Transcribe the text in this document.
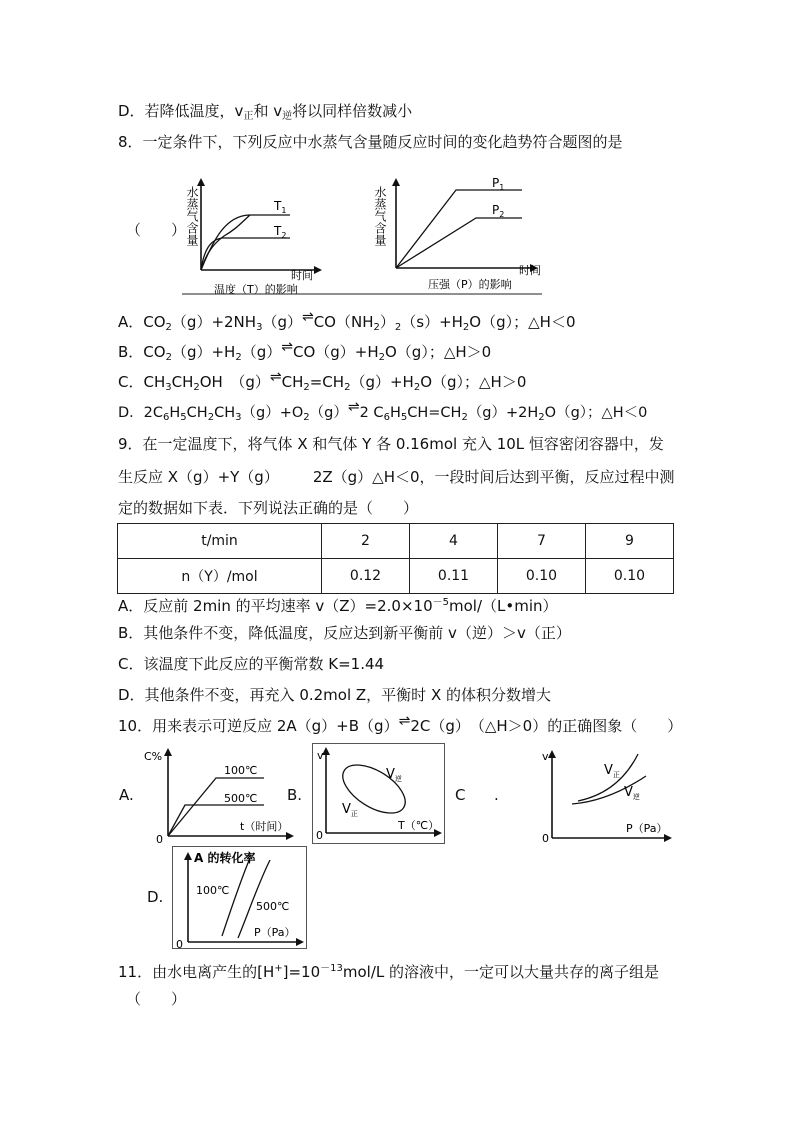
D．若降低温度，$v_正$和 $v_逆$将以同样倍数减小
8．一定条件下，下列反应中水蒸气含量随反应时间的变化趋势符合题图的是
（　　）
水蒸气含量	$T_1$
$T_2$
时间
温度（T）的影响
水蒸气含量
$P_1$
$P_2$
时间
压强（P）的影响
A．$CO_2(g)+2NH_3(g)\rightleftharpoons CO(NH_2)_2(s)+H_2O(g)$；△H＜0
B．$CO_2(g)+H_2(g)\rightleftharpoons CO(g)+H_2O(g)$；△H＞0
C．$CH_3CH_2OH$　$(g)\rightleftharpoons CH_2=CH_2(g)+H_2O(g)$；△H＞0
D．$2C_6H_5CH_2CH_3(g)+O_2(g)\rightleftharpoons 2$ $C_6H_5CH=CH_2(g)+2H_2O(g)$；△H＜0
9．在一定温度下，将气体 X 和气体 Y 各 0.16mol 充入 10L 恒容密闭容器中，发
生反应 X（g）+Y（g） 2Z（g）△H＜0，一段时间后达到平衡，反应过程中测
定的数据如下表．下列说法正确的是（　　）
t/min	2	4	7	9
n（Y）/mol	0.12	0.11	0.10	0.10
A．反应前 2min 的平均速率 $v(Z)=2.0\times 10^{-5}mol/(L•\min)$
B．其他条件不变，降低温度，反应达到新平衡前 v（逆）＞v（正）
C．该温度下此反应的平衡常数 K=1.44
D．其他条件不变，再充入 0.2mol Z，平衡时 X 的体积分数增大
10．用来表示可逆反应 2A（g）+B（g）⇌2C（g）　（△H＞0）的正确图象（　　）
A.	B.	C .
D.
C%
0
100℃
500℃
t（时间）
v
0
$V_逆$
$V_正$
T（℃）
v
0
$V_正$
$V_逆$
P（Pa）
A 的转化率
0
100℃
500℃
P（Pa）
11．由水电离产生的$[H^+]=10^{-13}mol/L$ 的溶液中，一定可以大量共存的离子组是
（　　）
